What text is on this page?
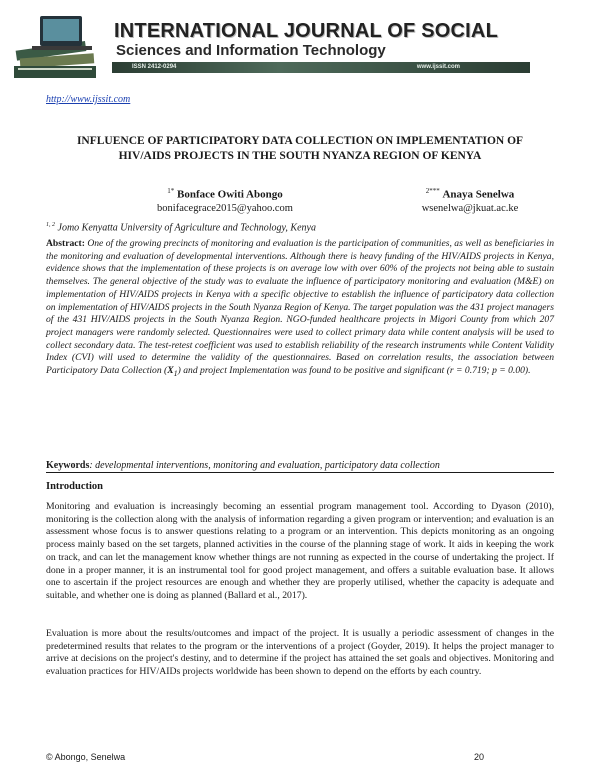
INTERNATIONAL JOURNAL OF SOCIAL
Sciences and Information Technology
ISSN 2412-0294	www.ijssit.com
http://www.ijssit.com
INFLUENCE OF PARTICIPATORY DATA COLLECTION ON IMPLEMENTATION OF
HIV/AIDS PROJECTS IN THE SOUTH NYANZA REGION OF KENYA
$^{1*}$ Bonface Owiti Abongo
bonifacegrace2015@yahoo.com
$^{2***}$ Anaya Senelwa
wsenelwa@jkuat.ac.ke
$^{1, 2}$ Jomo Kenyatta University of Agriculture and Technology, Kenya
Abstract: One of the growing precincts of monitoring and evaluation is the participation of communities, as well as beneficiaries in the monitoring and evaluation of developmental interventions. Although there is heavy funding of the HIV/AIDS projects in Kenya, evidence shows that the implementation of these projects is on average low with over 60% of the projects not being able to sustain themselves. The general objective of the study was to evaluate the influence of participatory monitoring and evaluation (M&E) on implementation of HIV/AIDS projects in Kenya with a specific objective to establish the influence of participatory data collection on implementation of HIV/AIDS projects in the South Nyanza Region of Kenya. The target population was the 431 project managers of the 431 HIV/AIDS projects in the South Nyanza Region. NGO-funded healthcare projects in Migori County from which 207 project managers were randomly selected. Questionnaires were used to collect primary data while content analysis will be used to collect secondary data. The test-retest coefficient was used to establish reliability of the research instruments while Content Validity Index (CVI) will used to determine the validity of the questionnaires. Based on correlation results, the association between Participatory Data Collection $(X_1)$ and project Implementation was found to be positive and significant (r = 0.719; p = 0.00).
Keywords: developmental interventions, monitoring and evaluation, participatory data collection
Introduction
Monitoring and evaluation is increasingly becoming an essential program management tool. According to Dyason (2010), monitoring is the collection along with the analysis of information regarding a given program or intervention; and evaluation is an assessment whose focus is to answer questions relating to a program or an intervention. This depicts monitoring as an ongoing process mainly based on the set targets, planned activities in the course of the planning stage of work. It aids in keeping the work on track, and can let the management know whether things are not running as expected in the course of undertaking the project. If done in a proper manner, it is an instrumental tool for good project management, and offers a suitable evaluation base. It allows one to ascertain if the project resources are enough and whether they are properly utilised, whether the capacity is adequate and suitable, and whether one is doing as planned (Ballard et al., 2017).
Evaluation is more about the results/outcomes and impact of the project. It is usually a periodic assessment of changes in the predetermined results that relates to the program or the interventions of a project (Goyder, 2019). It helps the project manager to arrive at decisions on the project's destiny, and to determine if the project has attained the set goals and objectives. Monitoring and evaluation practices for HIV/AIDs projects worldwide has been shown to depend on the efforts by each country.
© Abongo, Senelwa	20
